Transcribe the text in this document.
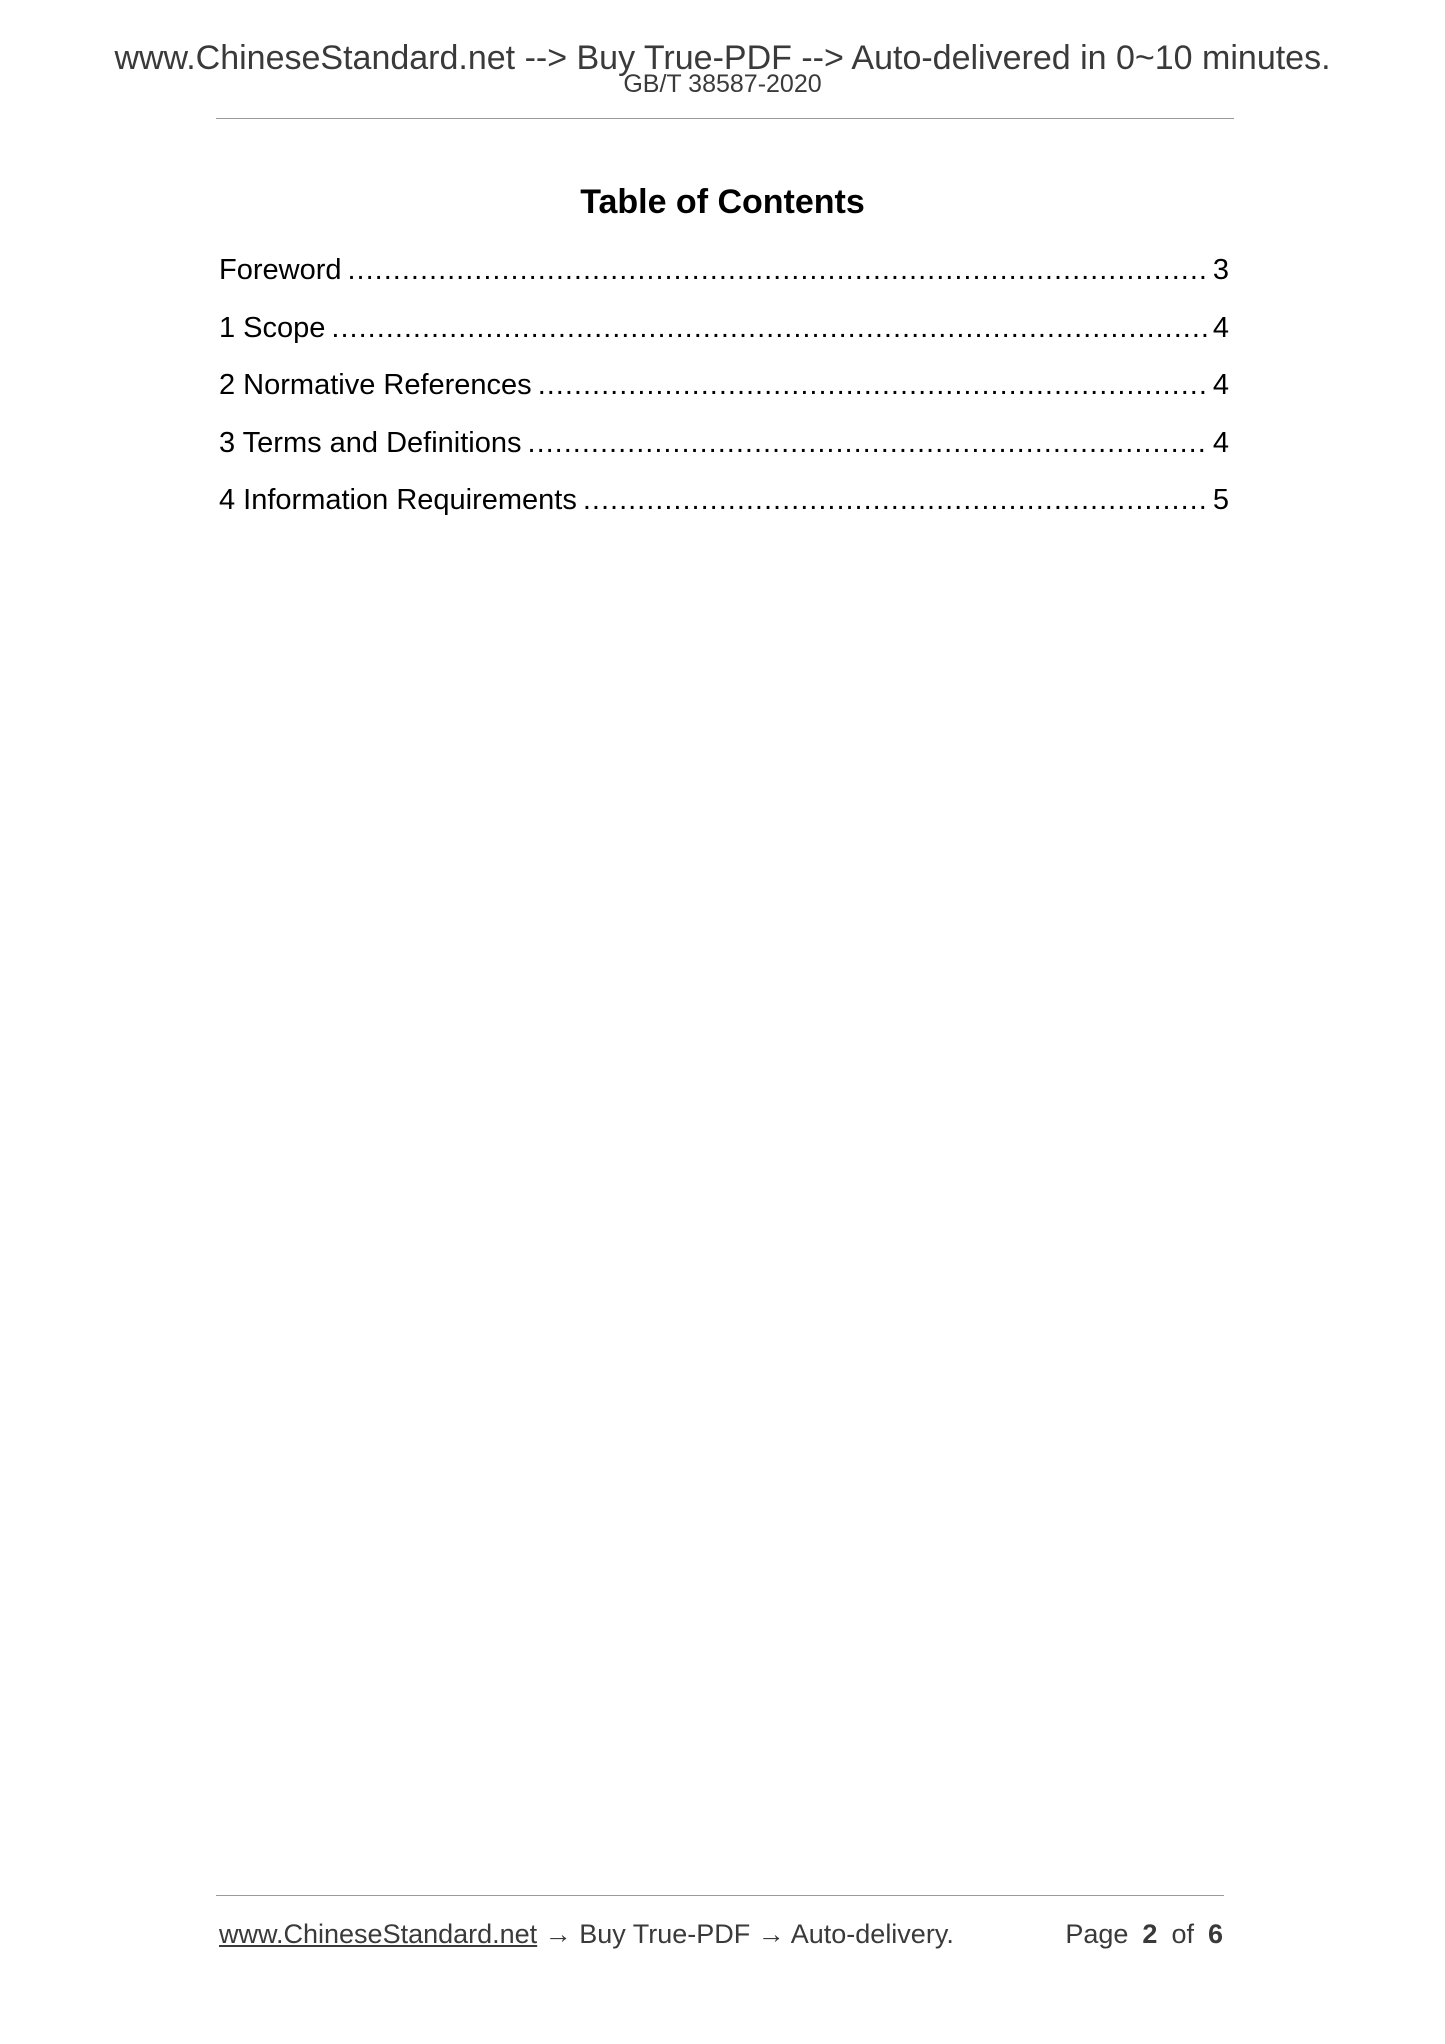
www.ChineseStandard.net --> Buy True-PDF --> Auto-delivered in 0~10 minutes.
GB/T 38587-2020
Table of Contents
Foreword .....	3
1 Scope .....	4
2 Normative References .....	4
3 Terms and Definitions .....	4
4 Information Requirements .....	5
www.ChineseStandard.net → Buy True-PDF → Auto-delivery.	Page 2 of 6
